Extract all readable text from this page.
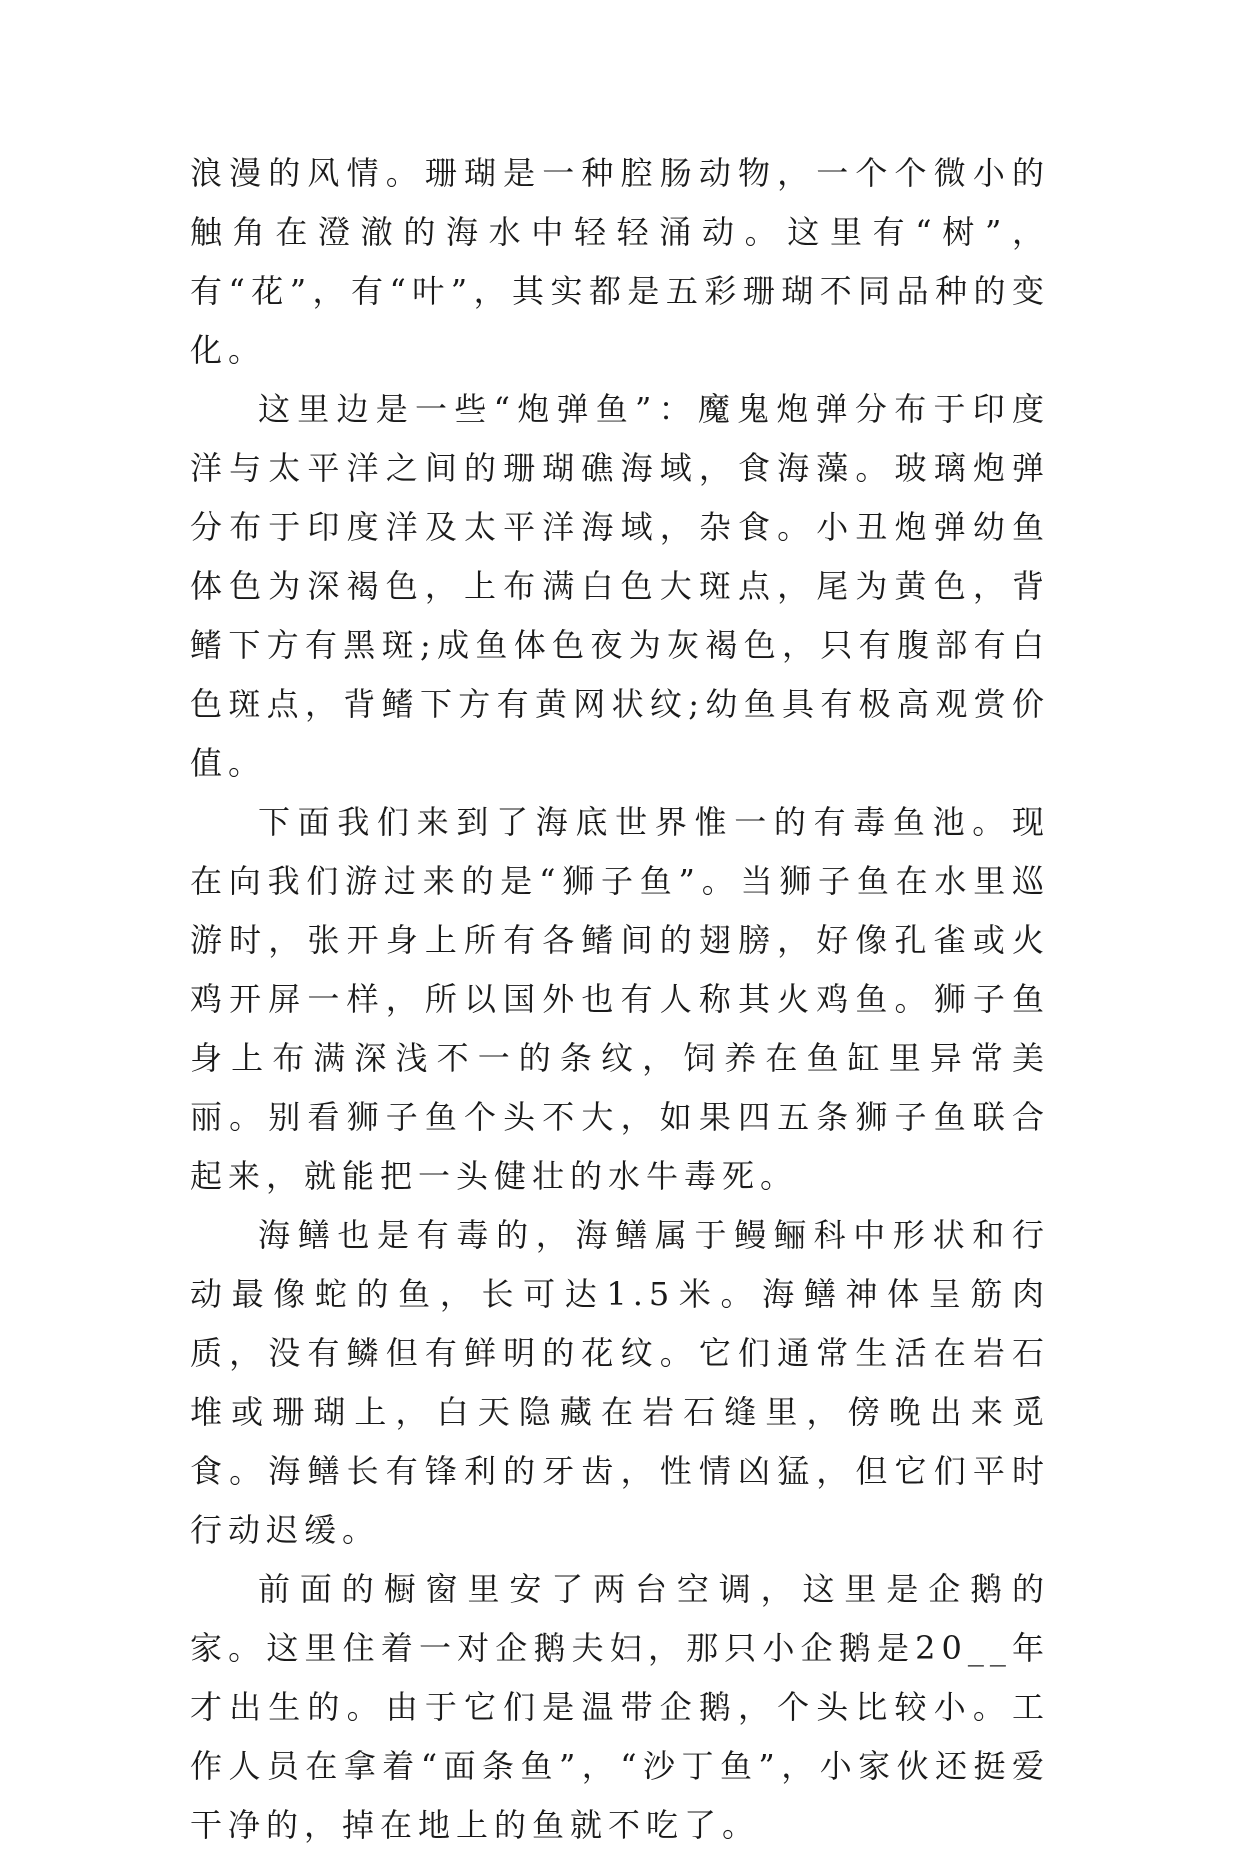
浪漫的风情。珊瑚是一种腔肠动物，一个个微小的触角在澄澈的海水中轻轻涌动。这里有“树”，有“花”，有“叶”，其实都是五彩珊瑚不同品种的变化。

这里边是一些“炮弹鱼”：魔鬼炮弹分布于印度洋与太平洋之间的珊瑚礁海域，食海藻。玻璃炮弹分布于印度洋及太平洋海域，杂食。小丑炮弹幼鱼体色为深褐色，上布满白色大斑点，尾为黄色，背鳍下方有黑斑;成鱼体色夜为灰褐色，只有腹部有白色斑点，背鳍下方有黄网状纹;幼鱼具有极高观赏价值。

下面我们来到了海底世界惟一的有毒鱼池。现在向我们游过来的是“狮子鱼”。当狮子鱼在水里巡游时，张开身上所有各鳍间的翅膀，好像孔雀或火鸡开屏一样，所以国外也有人称其火鸡鱼。狮子鱼身上布满深浅不一的条纹，饲养在鱼缸里异常美丽。别看狮子鱼个头不大，如果四五条狮子鱼联合起来，就能把一头健壮的水牛毒死。

海鳝也是有毒的，海鳝属于鳗鲡科中形状和行动最像蛇的鱼，长可达1.5米。海鳝神体呈筋肉质，没有鳞但有鲜明的花纹。它们通常生活在岩石堆或珊瑚上，白天隐藏在岩石缝里，傍晚出来觅食。海鳝长有锋利的牙齿，性情凶猛，但它们平时行动迟缓。

前面的橱窗里安了两台空调，这里是企鹅的家。这里住着一对企鹅夫妇，那只小企鹅是20__年才出生的。由于它们是温带企鹅，个头比较小。工作人员在拿着“面条鱼”，“沙丁鱼”，小家伙还挺爱干净的，掉在地上的鱼就不吃了。
